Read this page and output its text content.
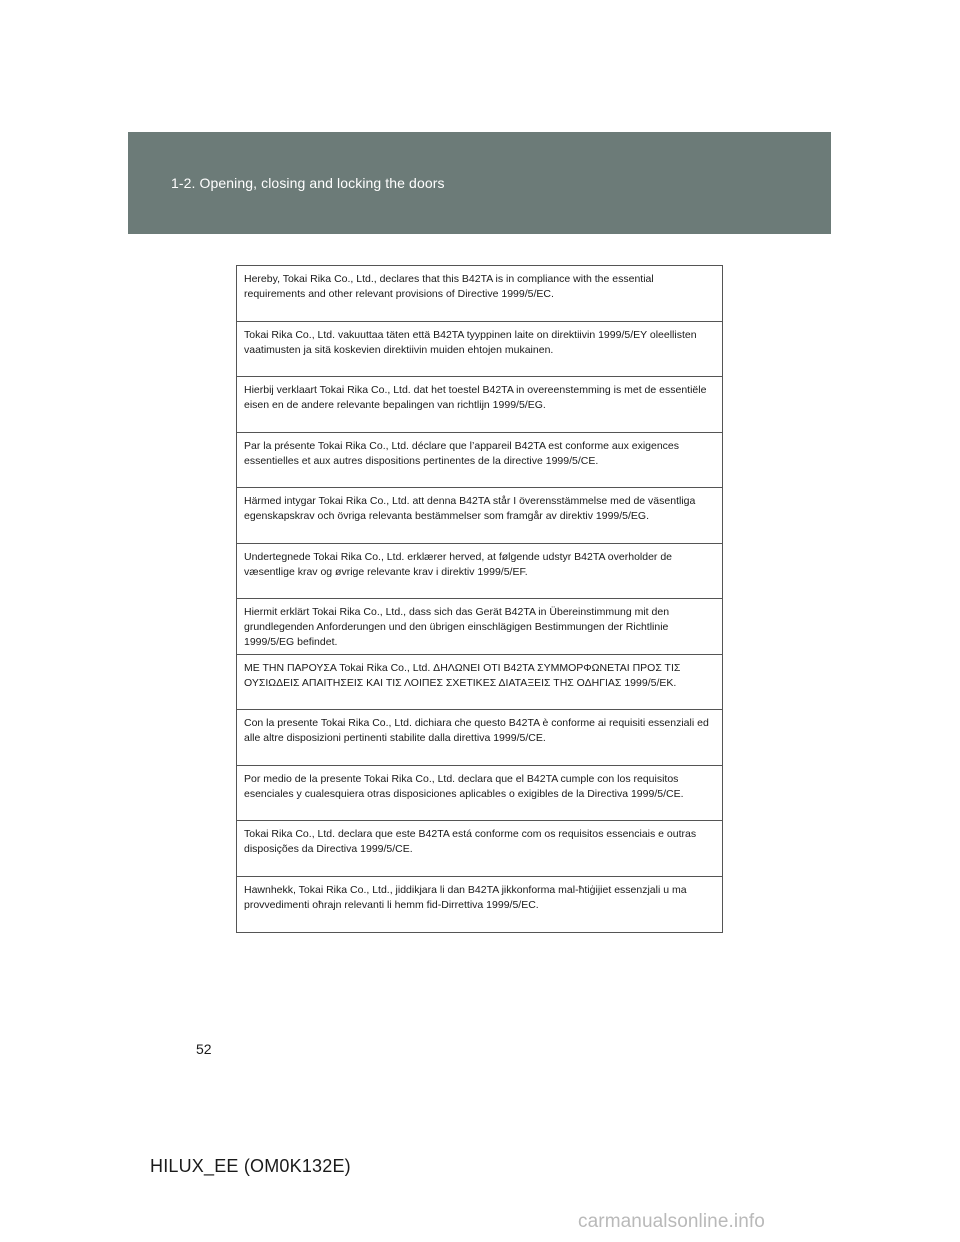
1-2. Opening, closing and locking the doors
Hereby, Tokai Rika Co., Ltd., declares that this B42TA is in compliance with the essential requirements and other relevant provisions of Directive 1999/5/EC.
Tokai Rika Co., Ltd. vakuuttaa täten että B42TA tyyppinen laite on direktiivin 1999/5/EY oleellisten vaatimusten ja sitä koskevien direktiivin muiden ehtojen mukainen.
Hierbij verklaart Tokai Rika Co., Ltd. dat het toestel B42TA in overeenstemming is met de essentiële eisen en de andere relevante bepalingen van richtlijn 1999/5/EG.
Par la présente Tokai Rika Co., Ltd. déclare que l’appareil B42TA est conforme aux exigences essentielles et aux autres dispositions pertinentes de la directive 1999/5/CE.
Härmed intygar Tokai Rika Co., Ltd. att denna B42TA står I överensstämmelse med de väsentliga egenskapskrav och övriga relevanta bestämmelser som framgår av direktiv 1999/5/EG.
Undertegnede Tokai Rika Co., Ltd. erklærer herved, at følgende udstyr B42TA overholder de væsentlige krav og øvrige relevante krav i direktiv 1999/5/EF.
Hiermit erklärt Tokai Rika Co., Ltd., dass sich das Gerät B42TA in Übereinstimmung mit den grundlegenden Anforderungen und den übrigen einschlägigen Bestimmungen der Richtlinie 1999/5/EG befindet.
ΜΕ ΤΗΝ ΠΑΡΟΥΣΑ Tokai Rika Co., Ltd. ΔΗΛΩΝΕΙ ΟΤΙ B42TA ΣΥΜΜΟΡΦΩΝΕΤΑΙ ΠΡΟΣ ΤΙΣ ΟΥΣΙΩΔΕΙΣ ΑΠΑΙΤΗΣΕΙΣ ΚΑΙ ΤΙΣ ΛΟΙΠΕΣ ΣΧΕΤΙΚΕΣ ΔΙΑΤΑΞΕΙΣ ΤΗΣ ΟΔΗΓΙΑΣ 1999/5/ΕΚ.
Con la presente Tokai Rika Co., Ltd. dichiara che questo B42TA è conforme ai requisiti essenziali ed alle altre disposizioni pertinenti stabilite dalla direttiva 1999/5/CE.
Por medio de la presente Tokai Rika Co., Ltd. declara que el B42TA cumple con los requisitos esenciales y cualesquiera otras disposiciones aplicables o exigibles de la Directiva 1999/5/CE.
Tokai Rika Co., Ltd. declara que este B42TA está conforme com os requisitos essenciais e outras disposições da Directiva 1999/5/CE.
Hawnhekk, Tokai Rika Co., Ltd., jiddikjara li dan B42TA jikkonforma mal-ħtiġijiet essenzjali u ma provvedimenti oħrajn relevanti li hemm fid-Dirrettiva 1999/5/EC.
52
HILUX_EE (OM0K132E)
carmanualsonline.info
